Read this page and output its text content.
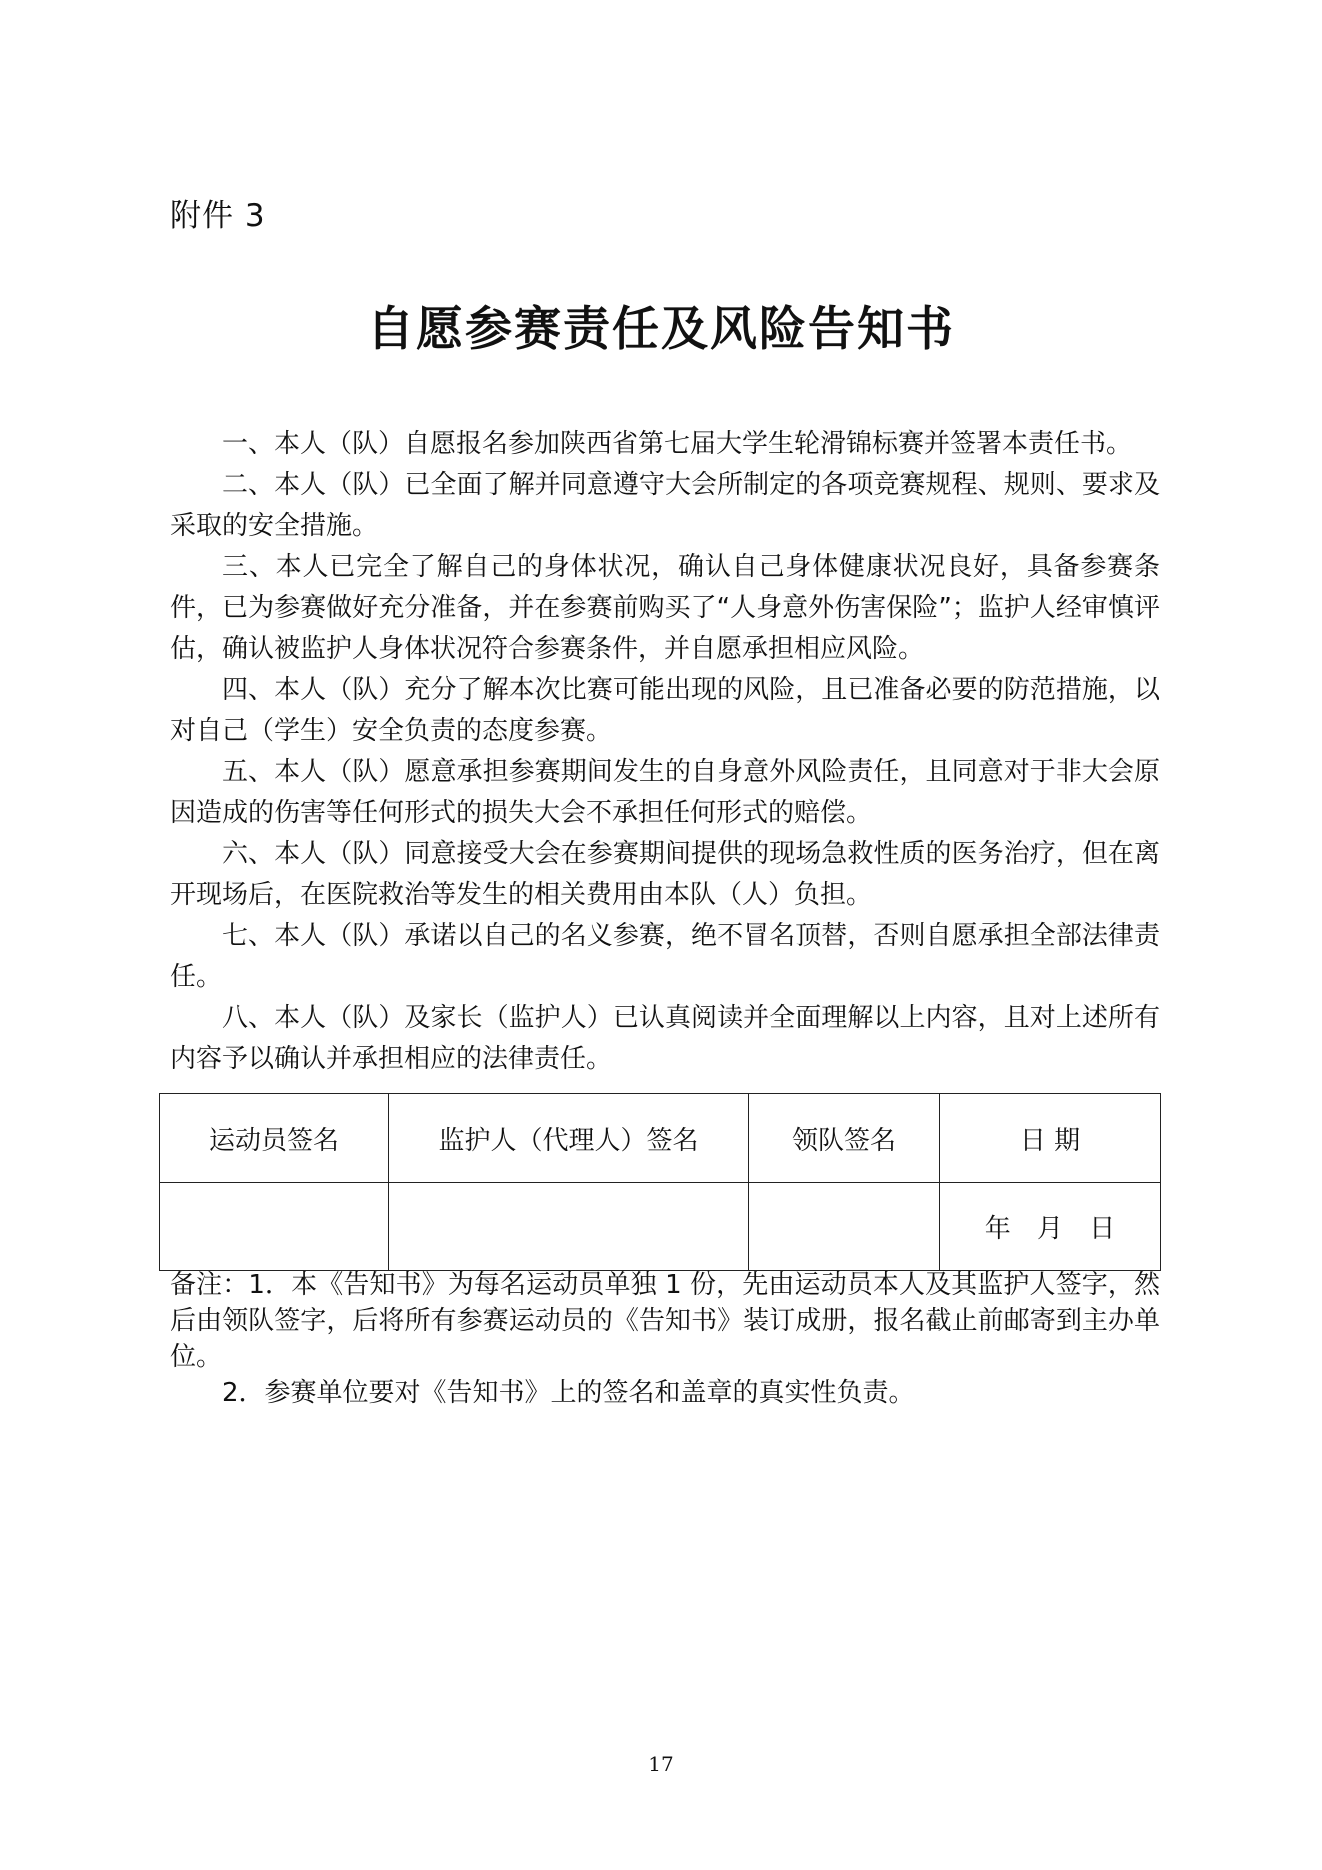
附件 3
自愿参赛责任及风险告知书

一、本人（队）自愿报名参加陕西省第七届大学生轮滑锦标赛并签署本责任书。

二、本人（队）已全面了解并同意遵守大会所制定的各项竞赛规程、规则、要求及采取的安全措施。

三、本人已完全了解自己的身体状况，确认自己身体健康状况良好，具备参赛条件，已为参赛做好充分准备，并在参赛前购买了“人身意外伤害保险”；监护人经审慎评估，确认被监护人身体状况符合参赛条件，并自愿承担相应风险。

四、本人（队）充分了解本次比赛可能出现的风险，且已准备必要的防范措施，以对自己（学生）安全负责的态度参赛。

五、本人（队）愿意承担参赛期间发生的自身意外风险责任，且同意对于非大会原因造成的伤害等任何形式的损失大会不承担任何形式的赔偿。

六、本人（队）同意接受大会在参赛期间提供的现场急救性质的医务治疗，但在离开现场后，在医院救治等发生的相关费用由本队（人）负担。

七、本人（队）承诺以自己的名义参赛，绝不冒名顶替，否则自愿承担全部法律责任。

八、本人（队）及家长（监护人）已认真阅读并全面理解以上内容，且对上述所有内容予以确认并承担相应的法律责任。

运动员签名	监护人（代理人）签名	领队签名	日 期
			年 月 日

备注：1．本《告知书》为每名运动员单独 1 份，先由运动员本人及其监护人签字，然后由领队签字，后将所有参赛运动员的《告知书》装订成册，报名截止前邮寄到主办单位。

2．参赛单位要对《告知书》上的签名和盖章的真实性负责。

17
